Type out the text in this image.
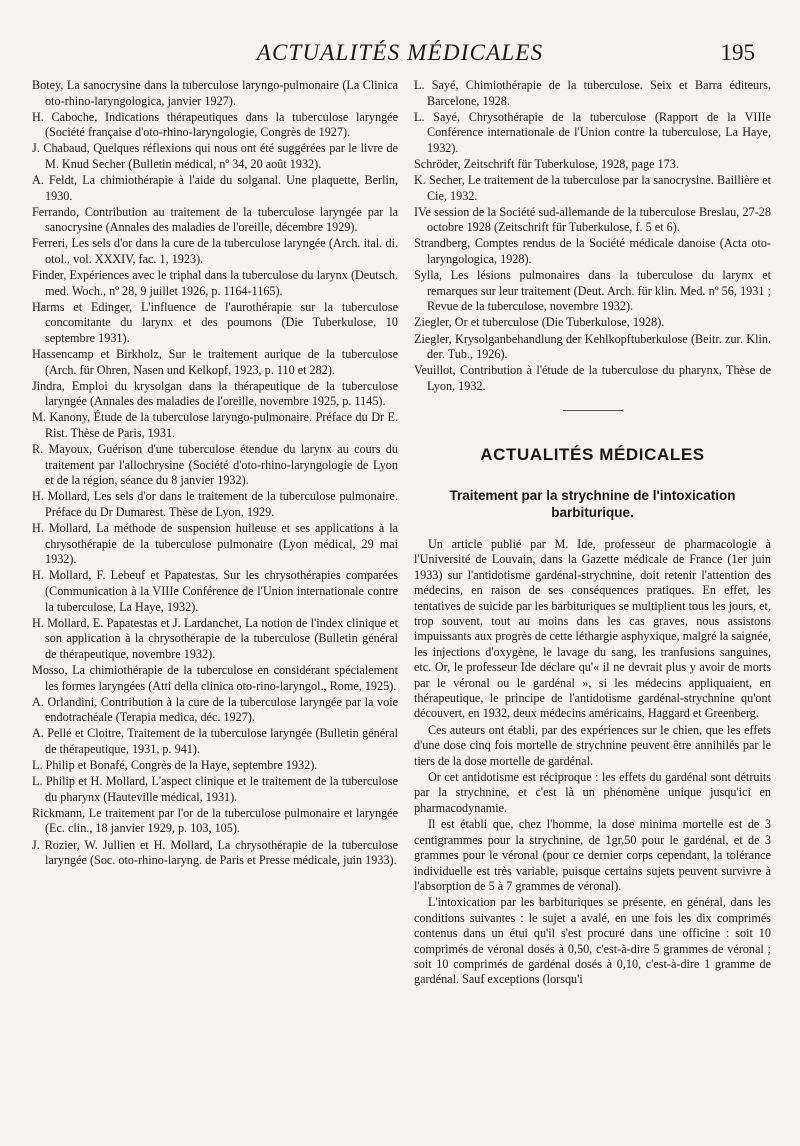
ACTUALITÉS MÉDICALES	195

Botey, La sanocrysine dans la tuberculose laryngo-pulmonaire (La Clinica oto-rhino-laryngologica, janvier 1927).

H. Caboche, Indications thérapeutiques dans la tuberculose laryngée (Société française d'oto-rhino-laryngologie, Congrès de 1927).

J. Chabaud, Quelques réflexions qui nous ont été suggérées par le livre de M. Knud Secher (Bulletin médical, nº 34, 20 août 1932).

A. Feldt, La chimiothérapie à l'aide du solganal. Une plaquette, Berlin, 1930.

Ferrando, Contribution au traitement de la tuberculose laryngée par la sanocrysine (Annales des maladies de l'oreille, décembre 1929).

Ferreri, Les sels d'or dans la cure de la tuberculose laryngée (Arch. ital. di. otol., vol. XXXIV, fac. 1, 1923).

Finder, Expériences avec le triphal dans la tuberculose du larynx (Deutsch. med. Woch., nº 28, 9 juillet 1926, p. 1164-1165).

Harms et Edinger, L'influence de l'aurothérapie sur la tuberculose concomitante du larynx et des poumons (Die Tuberkulose, 10 septembre 1931).

Hassencamp et Birkholz, Sur le traitement aurique de la tuberculose (Arch. für Ohren, Nasen und Kelkopf, 1923, p. 110 et 282).

Jindra, Emploi du krysolgan dans la thérapeutique de la tuberculose laryngée (Annales des maladies de l'oreille, novembre 1925, p. 1145).

M. Kanony, Étude de la tuberculose laryngo-pulmonaire. Préface du Dr E. Rist. Thèse de Paris, 1931.

R. Mayoux, Guérison d'une tuberculose étendue du larynx au cours du traitement par l'allochrysine (Société d'oto-rhino-laryngologie de Lyon et de la région, séance du 8 janvier 1932).

H. Mollard, Les sels d'or dans le traitement de la tuberculose pulmonaire. Préface du Dr Dumarest. Thèse de Lyon, 1929.

H. Mollard, La méthode de suspension huileuse et ses applications à la chrysothérapie de la tuberculose pulmonaire (Lyon médical, 29 mai 1932).

H. Mollard, F. Lebeuf et Papatestas, Sur les chrysothérapies comparées (Communication à la VIIIe Conférence de l'Union internationale contre la tuberculose, La Haye, 1932).

H. Mollard, E. Papatestas et J. Lardanchet, La notion de l'index clinique et son application à la chrysothérapie de la tuberculose (Bulletin général de thérapeutique, novembre 1932).

Mosso, La chimiothérapie de la tuberculose en considérant spécialement les formes laryngées (Atti della clinica oto-rino-laryngol., Rome, 1925).

A. Orlandini, Contribution à la cure de la tuberculose laryngée par la voie endotrachéale (Terapia medica, déc. 1927).

A. Pellé et Cloitre, Traitement de la tuberculose laryngée (Bulletin général de thérapeutique, 1931, p. 941).

L. Philip et Bonafé, Congrès de la Haye, septembre 1932).

L. Philip et H. Mollard, L'aspect clinique et le traitement de la tuberculose du pharynx (Hauteville médical, 1931).

Rickmann, Le traitement par l'or de la tuberculose pulmonaire et laryngée (Ec. clin., 18 janvier 1929, p. 103, 105).

J. Rozier, W. Jullien et H. Mollard, La chrysothérapie de la tuberculose laryngée (Soc. oto-rhino-laryng. de Paris et Presse médicale, juin 1933).

L. Sayé, Chimiothérapie de la tuberculose. Seix et Barra éditeurs, Barcelone, 1928.

L. Sayé, Chrysothérapie de la tuberculose (Rapport de la VIIIe Conférence internationale de l'Union contre la tuberculose, La Haye, 1932).

Schröder, Zeitschrift für Tuberkulose, 1928, page 173.

K. Secher, Le traitement de la tuberculose par la sanocrysine. Baillière et Cie, 1932.

IVe session de la Société sud-allemande de la tuberculose Breslau, 27-28 octobre 1928 (Zeitschrift für Tuberkulose, f. 5 et 6).

Strandberg, Comptes rendus de la Société médicale danoise (Acta oto-laryngologica, 1928).

Sylla, Les lésions pulmonaires dans la tuberculose du larynx et remarques sur leur traitement (Deut. Arch. für klin. Med. nº 56, 1931 ; Revue de la tuberculose, novembre 1932).

Ziegler, Or et tuberculose (Die Tuberkulose, 1928).

Ziegler, Krysolganbehandlung der Kehlkopftuberkulose (Beitr. zur. Klin. der. Tub., 1926).

Veuillot, Contribution à l'étude de la tuberculose du pharynx, Thèse de Lyon, 1932.

ACTUALITÉS MÉDICALES
Traitement par la strychnine de l'intoxication barbiturique.

Un article publié par M. Ide, professeur de pharmacologie à l'Université de Louvain, dans la Gazette médicale de France (1er juin 1933) sur l'antidotisme gardénal-strychnine, doit retenir l'attention des médecins, en raison de ses conséquences pratiques. En effet, les tentatives de suicide par les barbituriques se multiplient tous les jours, et, trop souvent, tout au moins dans les cas graves, nous assistons impuissants aux progrès de cette léthargie asphyxique, malgré la saignée, les injections d'oxygène, le lavage du sang, les tranfusions sanguines, etc. Or, le professeur Ide déclare qu'« il ne devrait plus y avoir de morts par le véronal ou le gardénal », si les médecins appliquaient, en thérapeutique, le principe de l'antidotisme gardénal-strychnine qu'ont découvert, en 1932, deux médecins américains, Haggard et Greenberg.

Ces auteurs ont établi, par des expériences sur le chien, que les effets d'une dose cinq fois mortelle de strychnine peuvent être annihilés par le tiers de la dose mortelle de gardénal.

Or cet antidotisme est réciproque : les effets du gardénal sont détruits par la strychnine, et c'est là un phénomène unique jusqu'ici en pharmacodynamie.

Il est établi que, chez l'homme, la dose minima mortelle est de 3 centigrammes pour la strychnine, de 1gr,50 pour le gardénal, et de 3 grammes pour le véronal (pour ce dernier corps cependant, la tolérance individuelle est très variable, puisque certains sujets peuvent survivre à l'absorption de 5 à 7 grammes de véronal).

L'intoxication par les barbituriques se présente, en général, dans les conditions suivantes : le sujet a avalé, en une fois les dix comprimés contenus dans un étui qu'il s'est procuré dans une officine : soit 10 comprimés de véronal dosés à 0,50, c'est-à-dire 5 grammes de véronal ; soit 10 comprimés de gardénal dosés à 0,10, c'est-à-dire 1 gramme de gardénal. Sauf exceptions (lorsqu'i
